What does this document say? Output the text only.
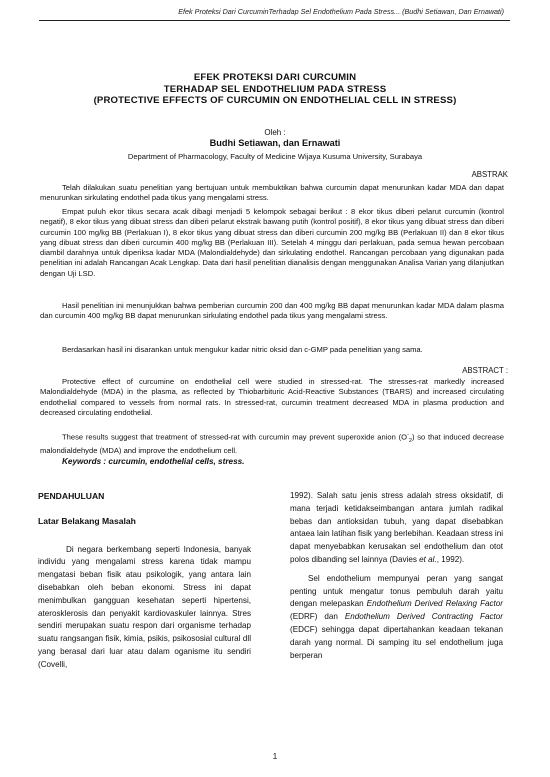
Efek Proteksi Dari CurcuminTerhadap Sel Endothelium Pada Stress... (Budhi Setiawan, Dan Ernawati)
EFEK PROTEKSI DARI CURCUMIN
TERHADAP SEL ENDOTHELIUM PADA STRESS
(PROTECTIVE EFFECTS OF CURCUMIN ON ENDOTHELIAL CELL IN STRESS)
Oleh :
Budhi Setiawan, dan Ernawati
Department of Pharmacology, Faculty of Medicine Wijaya Kusuma University, Surabaya
ABSTRAK
Telah dilakukan suatu penelitian yang bertujuan untuk membuktikan bahwa curcumin dapat menurunkan kadar MDA dan dapat menurunkan sirkulating endothel pada tikus yang mengalami stress.
Empat puluh ekor tikus secara acak dibagi menjadi 5 kelompok sebagai berikut : 8 ekor tikus diberi pelarut curcumin (kontrol negatif), 8 ekor tikus yang dibuat stress dan diberi pelarut ekstrak bawang putih (kontrol positif), 8 ekor tikus yang dibuat stress dan diberi curcumin 100 mg/kg BB (Perlakuan I), 8 ekor tikus yang dibuat stress dan diberi curcumin 200 mg/kg BB (Perlakuan II) dan 8 ekor tikus yang dibuat stress dan diberi curcumin 400 mg/kg BB (Perlakuan III). Setelah 4 minggu dari perlakuan, pada semua hewan percobaan diambil darahnya untuk diperiksa kadar MDA (Malondialdehyde) dan sirkulating endothel. Rancangan percobaan yang digunakan pada penelitian ini adalah Rancangan Acak Lengkap. Data dari hasil penelitian dianalisis dengan menggunakan Analisa Varian yang dilanjutkan dengan Uji LSD.
Hasil penelitian ini menunjukkan bahwa pemberian curcumin 200 dan 400 mg/kg BB dapat menurunkan kadar MDA dalam plasma dan curcumin 400 mg/kg BB dapat menurunkan sirkulating endothel pada tikus yang mengalami stress.
Berdasarkan hasil ini disarankan untuk mengukur kadar nitric oksid dan c-GMP pada penelitian yang sama.
ABSTRACT :
Protective effect of curcumine on endothelial cell were studied in stressed-rat. The stresses-rat markedly increased Malondialdehyde (MDA) in the plasma, as reflected by Thiobarbituric Acid-Reactive Substances (TBARS) and increased circulating endothelial compared to vessels from normal rats. In stressed-rat, curcumin treatment decreased MDA in plasma production and decreased circulating endothelial.
These results suggest that treatment of stressed-rat with curcumin may prevent superoxide anion $(O^-_2)$ so that induced decrease malondialdehyde (MDA) and improve the endothelium cell.
Keywords : curcumin, endothelial cells, stress.
PENDAHULUAN
Latar Belakang Masalah

Di negara berkembang seperti Indonesia, banyak individu yang mengalami stress karena tidak mampu mengatasi beban fisik atau psikologik, yang antara lain disebabkan oleh beban ekonomi. Stress ini dapat menimbulkan gangguan kesehatan seperti hipertensi, aterosklerosis dan penyakit kardiovaskuler lainnya. Stres sendiri merupakan suatu respon dari organisme terhadap suatu rangsangan fisik, kimia, psikis, psikososial cultural dll yang berasal dari luar atau dalam oganisme itu sendiri (Covelli,

1992). Salah satu jenis stress adalah stress oksidatif, di mana terjadi ketidakseimbangan antara jumlah radikal bebas dan antioksidan tubuh, yang dapat disebabkan antaea lain latihan fisik yang berlebihan. Keadaan stress ini dapat menyebabkan kerusakan sel endothelium dan otot polos dibanding sel lainnya (Davies et al., 1992).

Sel endothelium mempunyai peran yang sangat penting untuk mengatur tonus pembuluh darah yaitu dengan melepaskan Endothelium Derived Relaxing Factor (EDRF) dan Endothelium Derived Contracting Factor (EDCF) sehingga dapat dipertahankan keadaan tekanan darah yang normal. Di samping itu sel endothelium juga berperan

1
